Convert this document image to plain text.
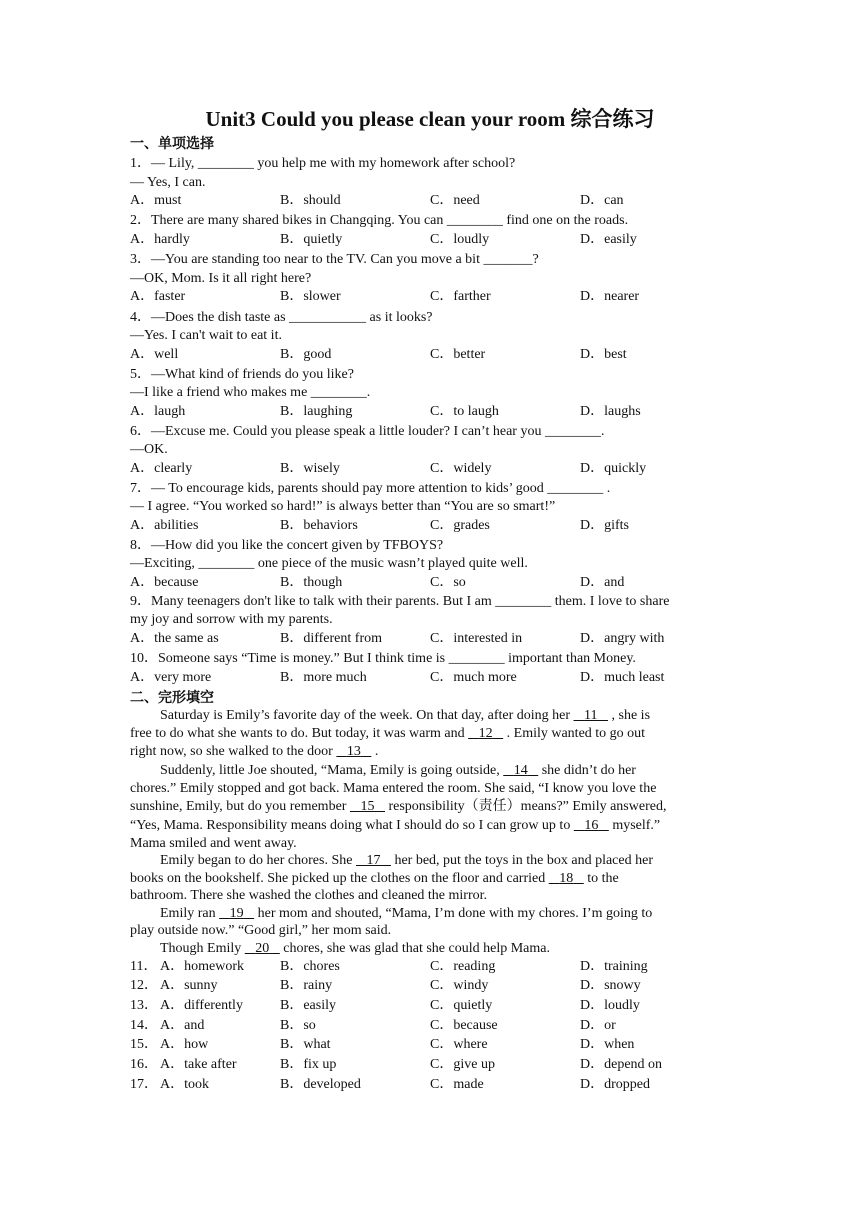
Unit3 Could you please clean your room 综合练习
一、单项选择
1．— Lily, ________ you help me with my homework after school?
— Yes, I can.
A．must	B．should	C．need	D．can
2．There are many shared bikes in Changqing. You can ________ find one on the roads.
A．hardly	B．quietly	C．loudly	D．easily
3．—You are standing too near to the TV. Can you move a bit _______?
—OK, Mom. Is it all right here?
A．faster	B．slower	C．farther	D．nearer
4．—Does the dish taste as ___________ as it looks?
—Yes. I can't wait to eat it.
A．well	B．good	C．better	D．best
5．—What kind of friends do you like?
—I like a friend who makes me ________.
A．laugh	B．laughing	C．to laugh	D．laughs
6．—Excuse me. Could you please speak a little louder? I can’t hear you ________.
—OK.
A．clearly	B．wisely	C．widely	D．quickly
7．— To encourage kids, parents should pay more attention to kids’ good ________ .
— I agree. “You worked so hard!” is always better than “You are so smart!”
A．abilities	B．behaviors	C．grades	D．gifts
8．—How did you like the concert given by TFBOYS?
—Exciting, ________ one piece of the music wasn’t played quite well.
A．because	B．though	C．so	D．and
9．Many teenagers don't like to talk with their parents. But I am ________ them. I love to share
my joy and sorrow with my parents.
A．the same as	B．different from	C．interested in	D．angry with
10．Someone says “Time is money.” But I think time is ________ important than Money.
A．very more	B．more much	C．much more	D．much least
二、完形填空
Saturday is Emily’s favorite day of the week. On that day, after doing her    11    , she is
free to do what she wants to do. But today, it was warm and    12    . Emily wanted to go out
right now, so she walked to the door    13    .
Suddenly, little Joe shouted, “Mama, Emily is going outside,    14    she didn’t do her
chores.” Emily stopped and got back. Mama entered the room. She said, “I know you love the
sunshine, Emily, but do you remember    15    responsibility（责任）means?” Emily answered,
“Yes, Mama. Responsibility means doing what I should do so I can grow up to    16    myself.”
Mama smiled and went away.
Emily began to do her chores. She    17    her bed, put the toys in the box and placed her
books on the bookshelf. She picked up the clothes on the floor and carried    18    to the
bathroom. There she washed the clothes and cleaned the mirror.
Emily ran    19    her mom and shouted, “Mama, I’m done with my chores. I’m going to
play outside now.” “Good girl,” her mom said.
Though Emily    20    chores, she was glad that she could help Mama.
11． A．homework	B．chores	C．reading	D．training
12． A．sunny	B．rainy	C．windy	D．snowy
13． A．differently	B．easily	C．quietly	D．loudly
14． A．and	B．so	C．because	D．or
15． A．how	B．what	C．where	D．when
16． A．take after	B．fix up	C．give up	D．depend on
17． A．took	B．developed	C．made	D．dropped
